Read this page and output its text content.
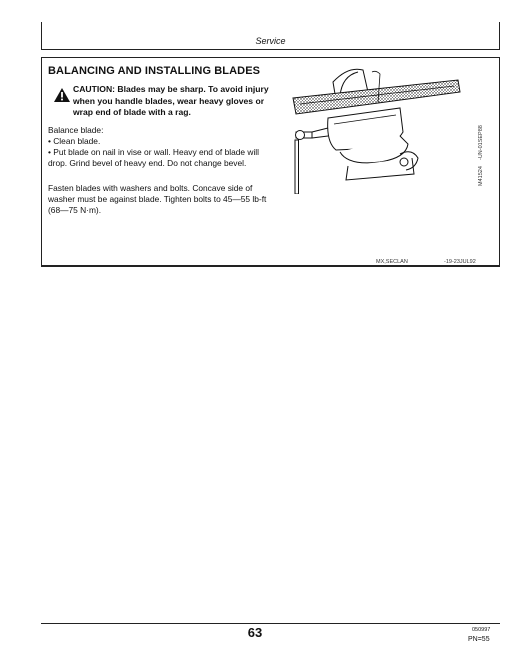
Service
BALANCING AND INSTALLING BLADES
CAUTION: Blades may be sharp. To avoid injury when you handle blades, wear heavy gloves or wrap end of blade with a rag.

Balance blade:

• Clean blade.

• Put blade on nail in vise or wall. Heavy end of blade will drop. Grind bevel of heavy end. Do not change bevel.

Fasten blades with washers and bolts. Concave side of washer must be against blade. Tighten bolts to 45—55 lb-ft (68—75 N·m).

-UN-01SEP88
M41524
MX,SECLAN	-19-23JUL92
63	050997
PN=55
